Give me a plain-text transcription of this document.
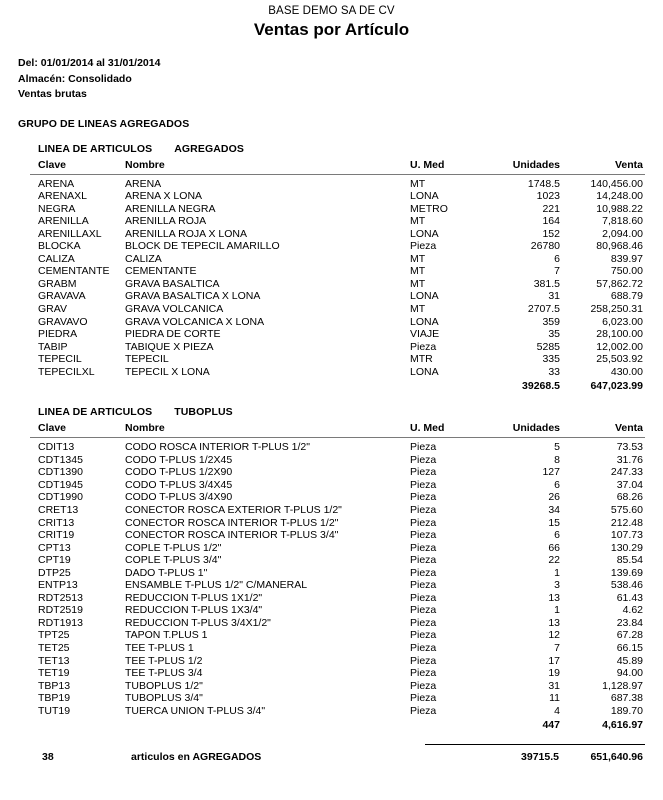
BASE DEMO SA DE CV
Ventas por Artículo
Del: 01/01/2014 al 31/01/2014
Almacén: Consolidado
Ventas brutas
GRUPO DE LINEAS AGREGADOS
LINEA DE ARTICULOS AGREGADOS
Clave	Nombre	U. Med	Unidades	Venta
ARENA	ARENA	MT	1748.5	140,456.00
ARENAXL	ARENA X LONA	LONA	1023	14,248.00
NEGRA	ARENILLA NEGRA	METRO	221	10,988.22
ARENILLA	ARENILLA ROJA	MT	164	7,818.60
ARENILLAXL	ARENILLA ROJA X LONA	LONA	152	2,094.00
BLOCKA	BLOCK DE TEPECIL AMARILLO	Pieza	26780	80,968.46
CALIZA	CALIZA	MT	6	839.97
CEMENTANTE	CEMENTANTE	MT	7	750.00
GRABM	GRAVA BASALTICA	MT	381.5	57,862.72
GRAVAVA	GRAVA BASALTICA X LONA	LONA	31	688.79
GRAV	GRAVA VOLCANICA	MT	2707.5	258,250.31
GRAVAVO	GRAVA VOLCANICA X LONA	LONA	359	6,023.00
PIEDRA	PIEDRA DE CORTE	VIAJE	35	28,100.00
TABIP	TABIQUE X PIEZA	Pieza	5285	12,002.00
TEPECIL	TEPECIL	MTR	335	25,503.92
TEPECILXL	TEPECIL X LONA	LONA	33	430.00
			39268.5	647,023.99
LINEA DE ARTICULOS TUBOPLUS
Clave	Nombre	U. Med	Unidades	Venta
CDIT13	CODO ROSCA INTERIOR T-PLUS 1/2"	Pieza	5	73.53
CDT1345	CODO T-PLUS 1/2X45	Pieza	8	31.76
CDT1390	CODO T-PLUS 1/2X90	Pieza	127	247.33
CDT1945	CODO T-PLUS 3/4X45	Pieza	6	37.04
CDT1990	CODO T-PLUS 3/4X90	Pieza	26	68.26
CRET13	CONECTOR ROSCA EXTERIOR T-PLUS 1/2"	Pieza	34	575.60
CRIT13	CONECTOR ROSCA INTERIOR T-PLUS 1/2"	Pieza	15	212.48
CRIT19	CONECTOR ROSCA INTERIOR T-PLUS 3/4"	Pieza	6	107.73
CPT13	COPLE T-PLUS 1/2"	Pieza	66	130.29
CPT19	COPLE T-PLUS 3/4"	Pieza	22	85.54
DTP25	DADO T-PLUS 1"	Pieza	1	139.69
ENTP13	ENSAMBLE T-PLUS 1/2" C/MANERAL	Pieza	3	538.46
RDT2513	REDUCCION T-PLUS 1X1/2"	Pieza	13	61.43
RDT2519	REDUCCION T-PLUS 1X3/4"	Pieza	1	4.62
RDT1913	REDUCCION T-PLUS 3/4X1/2"	Pieza	13	23.84
TPT25	TAPON T.PLUS 1	Pieza	12	67.28
TET25	TEE T-PLUS 1	Pieza	7	66.15
TET13	TEE T-PLUS 1/2	Pieza	17	45.89
TET19	TEE T-PLUS 3/4	Pieza	19	94.00
TBP13	TUBOPLUS 1/2"	Pieza	31	1,128.97
TBP19	TUBOPLUS 3/4"	Pieza	11	687.38
TUT19	TUERCA UNION T-PLUS 3/4"	Pieza	4	189.70
			447	4,616.97
38	articulos en AGREGADOS		39715.5	651,640.96
